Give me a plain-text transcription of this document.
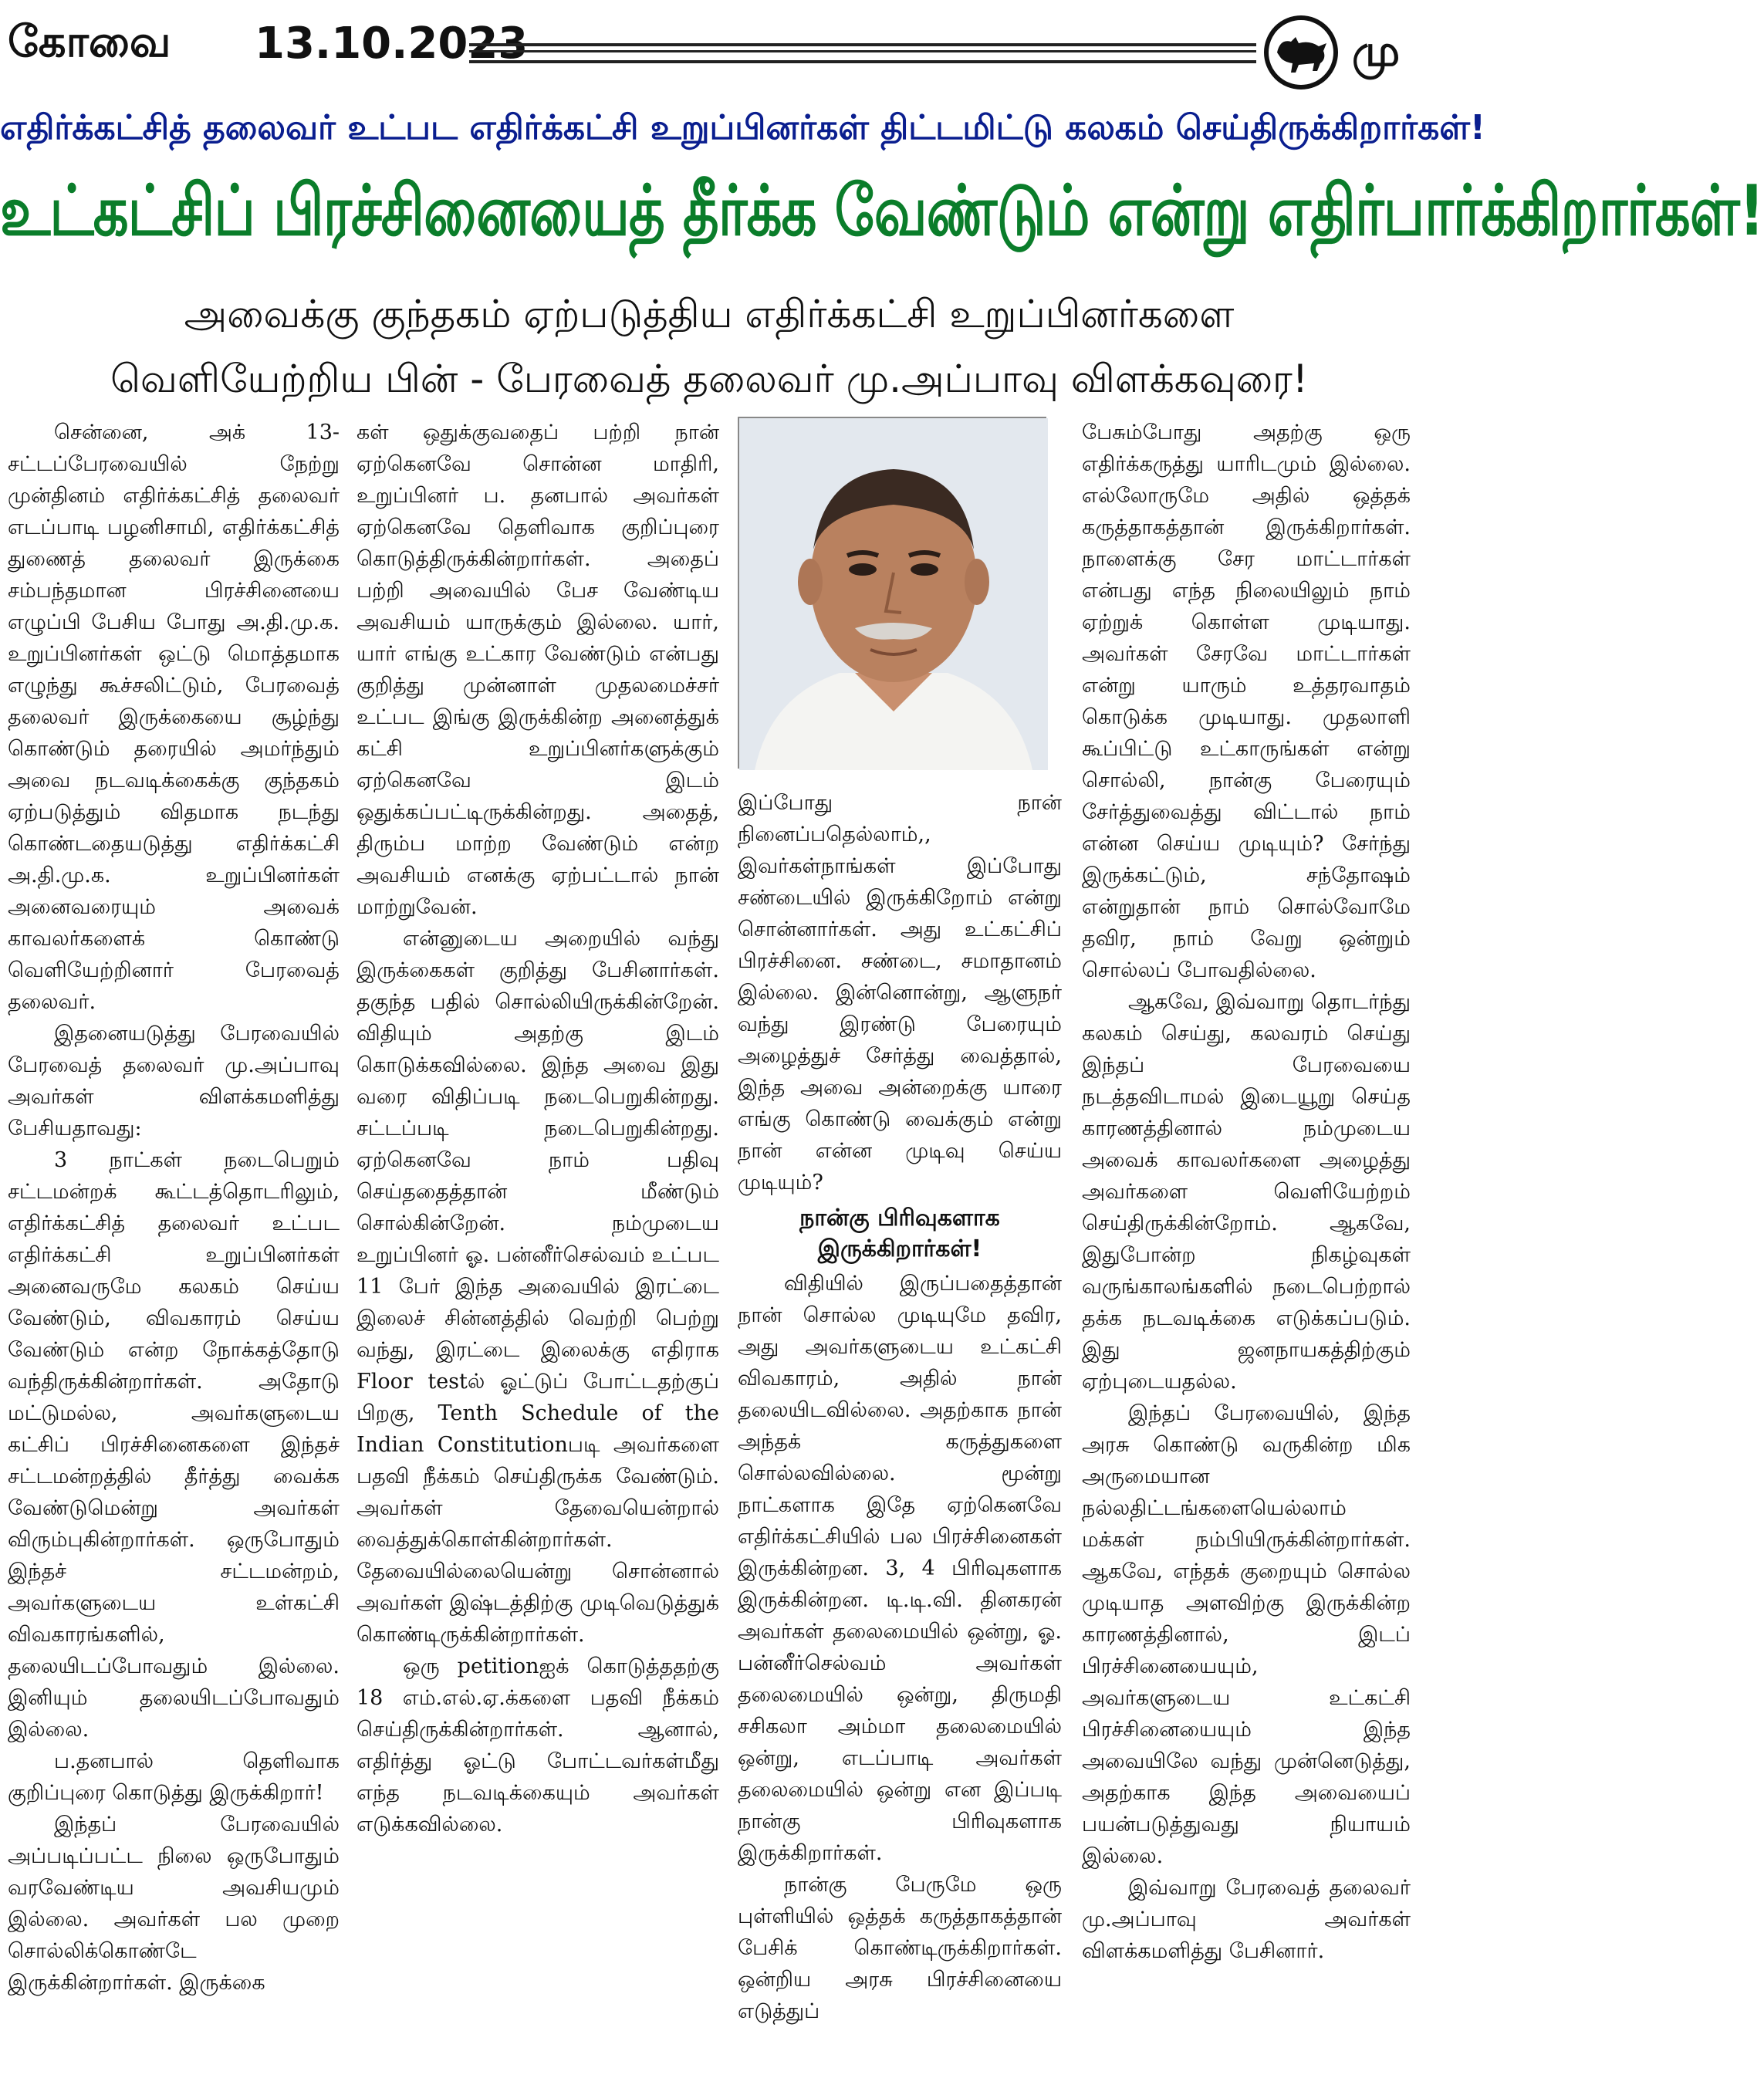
கோவை 13.10.2023	மு
எதிர்க்கட்சித் தலைவர் உட்பட எதிர்க்கட்சி உறுப்பினர்கள் திட்டமிட்டு கலகம் செய்திருக்கிறார்கள்!
உட்கட்சிப் பிரச்சினையைத் தீர்க்க வேண்டும் என்று எதிர்பார்க்கிறார்கள்!
அவைக்கு குந்தகம் ஏற்படுத்திய எதிர்க்கட்சி உறுப்பினர்களை
வெளியேற்றிய பின் - பேரவைத் தலைவர் மு.அப்பாவு விளக்கவுரை!

சென்னை, அக் 13- சட்டப்பேரவையில் நேற்று முன்தினம் எதிர்க்கட்சித் தலைவர் எடப்பாடி பழனிசாமி, எதிர்க்கட்சித் துணைத் தலைவர் இருக்கை சம்பந்தமான பிரச்சினையை எழுப்பி பேசிய போது அ.தி.மு.க. உறுப்பினர்கள் ஒட்டு மொத்தமாக எழுந்து கூச்சலிட்டும், பேரவைத் தலைவர் இருக்கையை சூழ்ந்து கொண்டும் தரையில் அமர்ந்தும் அவை நடவடிக்கைக்கு குந்தகம் ஏற்படுத்தும் விதமாக நடந்து கொண்டதையடுத்து எதிர்க்கட்சி அ.தி.மு.க. உறுப்பினர்கள் அனைவரையும் அவைக் காவலர்களைக் கொண்டு வெளியேற்றினார் பேரவைத் தலைவர்.

இதனையடுத்து பேரவையில் பேரவைத் தலைவர் மு.அப்பாவு அவர்கள் விளக்கமளித்து பேசியதாவது:

3 நாட்கள் நடைபெறும் சட்டமன்றக் கூட்டத்தொடரிலும், எதிர்க்கட்சித் தலைவர் உட்பட எதிர்க்கட்சி உறுப்பினர்கள் அனைவருமே கலகம் செய்ய வேண்டும், விவகாரம் செய்ய வேண்டும் என்ற நோக்கத்தோடு வந்திருக்கின்றார்கள். அதோடு மட்டுமல்ல, அவர்களுடைய கட்சிப் பிரச்சினைகளை இந்தச் சட்டமன்றத்தில் தீர்த்து வைக்க வேண்டுமென்று அவர்கள் விரும்புகின்றார்கள். ஒருபோதும் இந்தச் சட்டமன்றம், அவர்களுடைய உள்கட்சி விவகாரங்களில், தலையிடப்போவதும் இல்லை. இனியும் தலையிடப்போவதும் இல்லை.

ப.தனபால் தெளிவாக குறிப்புரை கொடுத்து இருக்கிறார்!

இந்தப் பேரவையில் அப்படிப்பட்ட நிலை ஒருபோதும் வரவேண்டிய அவசியமும் இல்லை. அவர்கள் பல முறை சொல்லிக்கொண்டே இருக்கின்றார்கள். இருக்கை

கள் ஒதுக்குவதைப் பற்றி நான் ஏற்கெனவே சொன்ன மாதிரி, உறுப்பினர் ப. தனபால் அவர்கள் ஏற்கெனவே தெளிவாக குறிப்புரை கொடுத்திருக்கின்றார்கள். அதைப் பற்றி அவையில் பேச வேண்டிய அவசியம் யாருக்கும் இல்லை. யார், யார் எங்கு உட்கார வேண்டும் என்பது குறித்து முன்னாள் முதலமைச்சர் உட்பட இங்கு இருக்கின்ற அனைத்துக் கட்சி உறுப்பினர்களுக்கும் ஏற்கெனவே இடம் ஒதுக்கப்பட்டிருக்கின்றது. அதைத், திரும்ப மாற்ற வேண்டும் என்ற அவசியம் எனக்கு ஏற்பட்டால் நான் மாற்றுவேன்.

என்னுடைய அறையில் வந்து இருக்கைகள் குறித்து பேசினார்கள். தகுந்த பதில் சொல்லியிருக்கின்றேன். விதியும் அதற்கு இடம் கொடுக்கவில்லை. இந்த அவை இது வரை விதிப்படி நடைபெறுகின்றது. சட்டப்படி நடைபெறுகின்றது. ஏற்கெனவே நாம் பதிவு செய்ததைத்தான் மீண்டும் சொல்கின்றேன். நம்முடைய உறுப்பினர் ஓ. பன்னீர்செல்வம் உட்பட 11 பேர் இந்த அவையில் இரட்டை இலைச் சின்னத்தில் வெற்றி பெற்று வந்து, இரட்டை இலைக்கு எதிராக Floor testல் ஓட்டுப் போட்டதற்குப் பிறகு, Tenth Schedule of the Indian Constitutionபடி அவர்களை பதவி நீக்கம் செய்திருக்க வேண்டும். அவர்கள் தேவையென்றால் வைத்துக்கொள்கின்றார்கள். தேவையில்லையென்று சொன்னால் அவர்கள் இஷ்டத்திற்கு முடிவெடுத்துக் கொண்டிருக்கின்றார்கள்.

ஒரு petitionஐக் கொடுத்ததற்கு 18 எம்.எல்.ஏ.க்களை பதவி நீக்கம் செய்திருக்கின்றார்கள். ஆனால், எதிர்த்து ஓட்டு போட்டவர்கள்மீது எந்த நடவடிக்கையும் அவர்கள் எடுக்கவில்லை.

இப்போது நான் நினைப்பதெல்லாம்,, இவர்கள்நாங்கள் இப்போது சண்டையில் இருக்கிறோம் என்று சொன்னார்கள். அது உட்கட்சிப் பிரச்சினை. சண்டை, சமாதானம் இல்லை. இன்னொன்று, ஆளுநர் வந்து இரண்டு பேரையும் அழைத்துச் சேர்த்து வைத்தால், இந்த அவை அன்றைக்கு யாரை எங்கு கொண்டு வைக்கும் என்று நான் என்ன முடிவு செய்ய முடியும்?

நான்கு பிரிவுகளாக இருக்கிறார்கள்!

விதியில் இருப்பதைத்தான் நான் சொல்ல முடியுமே தவிர, அது அவர்களுடைய உட்கட்சி விவகாரம், அதில் நான் தலையிடவில்லை. அதற்காக நான் அந்தக் கருத்துகளை சொல்லவில்லை. மூன்று நாட்களாக இதே ஏற்கெனவே எதிர்க்கட்சியில் பல பிரச்சினைகள் இருக்கின்றன. 3, 4 பிரிவுகளாக இருக்கின்றன. டி.டி.வி. தினகரன் அவர்கள் தலைமையில் ஒன்று, ஓ. பன்னீர்செல்வம் அவர்கள் தலைமையில் ஒன்று, திருமதி சசிகலா அம்மா தலைமையில் ஒன்று, எடப்பாடி அவர்கள் தலைமையில் ஒன்று என இப்படி நான்கு பிரிவுகளாக இருக்கிறார்கள்.

நான்கு பேருமே ஒரு புள்ளியில் ஒத்தக் கருத்தாகத்தான் பேசிக் கொண்டிருக்கிறார்கள். ஒன்றிய அரசு பிரச்சினையை எடுத்துப்

பேசும்போது அதற்கு ஒரு எதிர்க்கருத்து யாரிடமும் இல்லை. எல்லோருமே அதில் ஒத்தக் கருத்தாகத்தான் இருக்கிறார்கள். நாளைக்கு சேர மாட்டார்கள் என்பது எந்த நிலையிலும் நாம் ஏற்றுக் கொள்ள முடியாது. அவர்கள் சேரவே மாட்டார்கள் என்று யாரும் உத்தரவாதம் கொடுக்க முடியாது. முதலாளி கூப்பிட்டு உட்காருங்கள் என்று சொல்லி, நான்கு பேரையும் சேர்த்துவைத்து விட்டால் நாம் என்ன செய்ய முடியும்? சேர்ந்து இருக்கட்டும், சந்தோஷம் என்றுதான் நாம் சொல்வோமே தவிர, நாம் வேறு ஒன்றும் சொல்லப் போவதில்லை.

ஆகவே, இவ்வாறு தொடர்ந்து கலகம் செய்து, கலவரம் செய்து இந்தப் பேரவையை நடத்தவிடாமல் இடையூறு செய்த காரணத்தினால் நம்முடைய அவைக் காவலர்களை அழைத்து அவர்களை வெளியேற்றம் செய்திருக்கின்றோம். ஆகவே, இதுபோன்ற நிகழ்வுகள் வருங்காலங்களில் நடைபெற்றால் தக்க நடவடிக்கை எடுக்கப்படும். இது ஜனநாயகத்திற்கும் ஏற்புடையதல்ல.

இந்தப் பேரவையில், இந்த அரசு கொண்டு வருகின்ற மிக அருமையான நல்லதிட்டங்களையெல்லாம் மக்கள் நம்பியிருக்கின்றார்கள். ஆகவே, எந்தக் குறையும் சொல்ல முடியாத அளவிற்கு இருக்கின்ற காரணத்தினால், இடப் பிரச்சினையையும், அவர்களுடைய உட்கட்சி பிரச்சினையையும் இந்த அவையிலே வந்து முன்னெடுத்து, அதற்காக இந்த அவையைப் பயன்படுத்துவது நியாயம் இல்லை.

இவ்வாறு பேரவைத் தலைவர் மு.அப்பாவு அவர்கள் விளக்கமளித்து பேசினார்.
